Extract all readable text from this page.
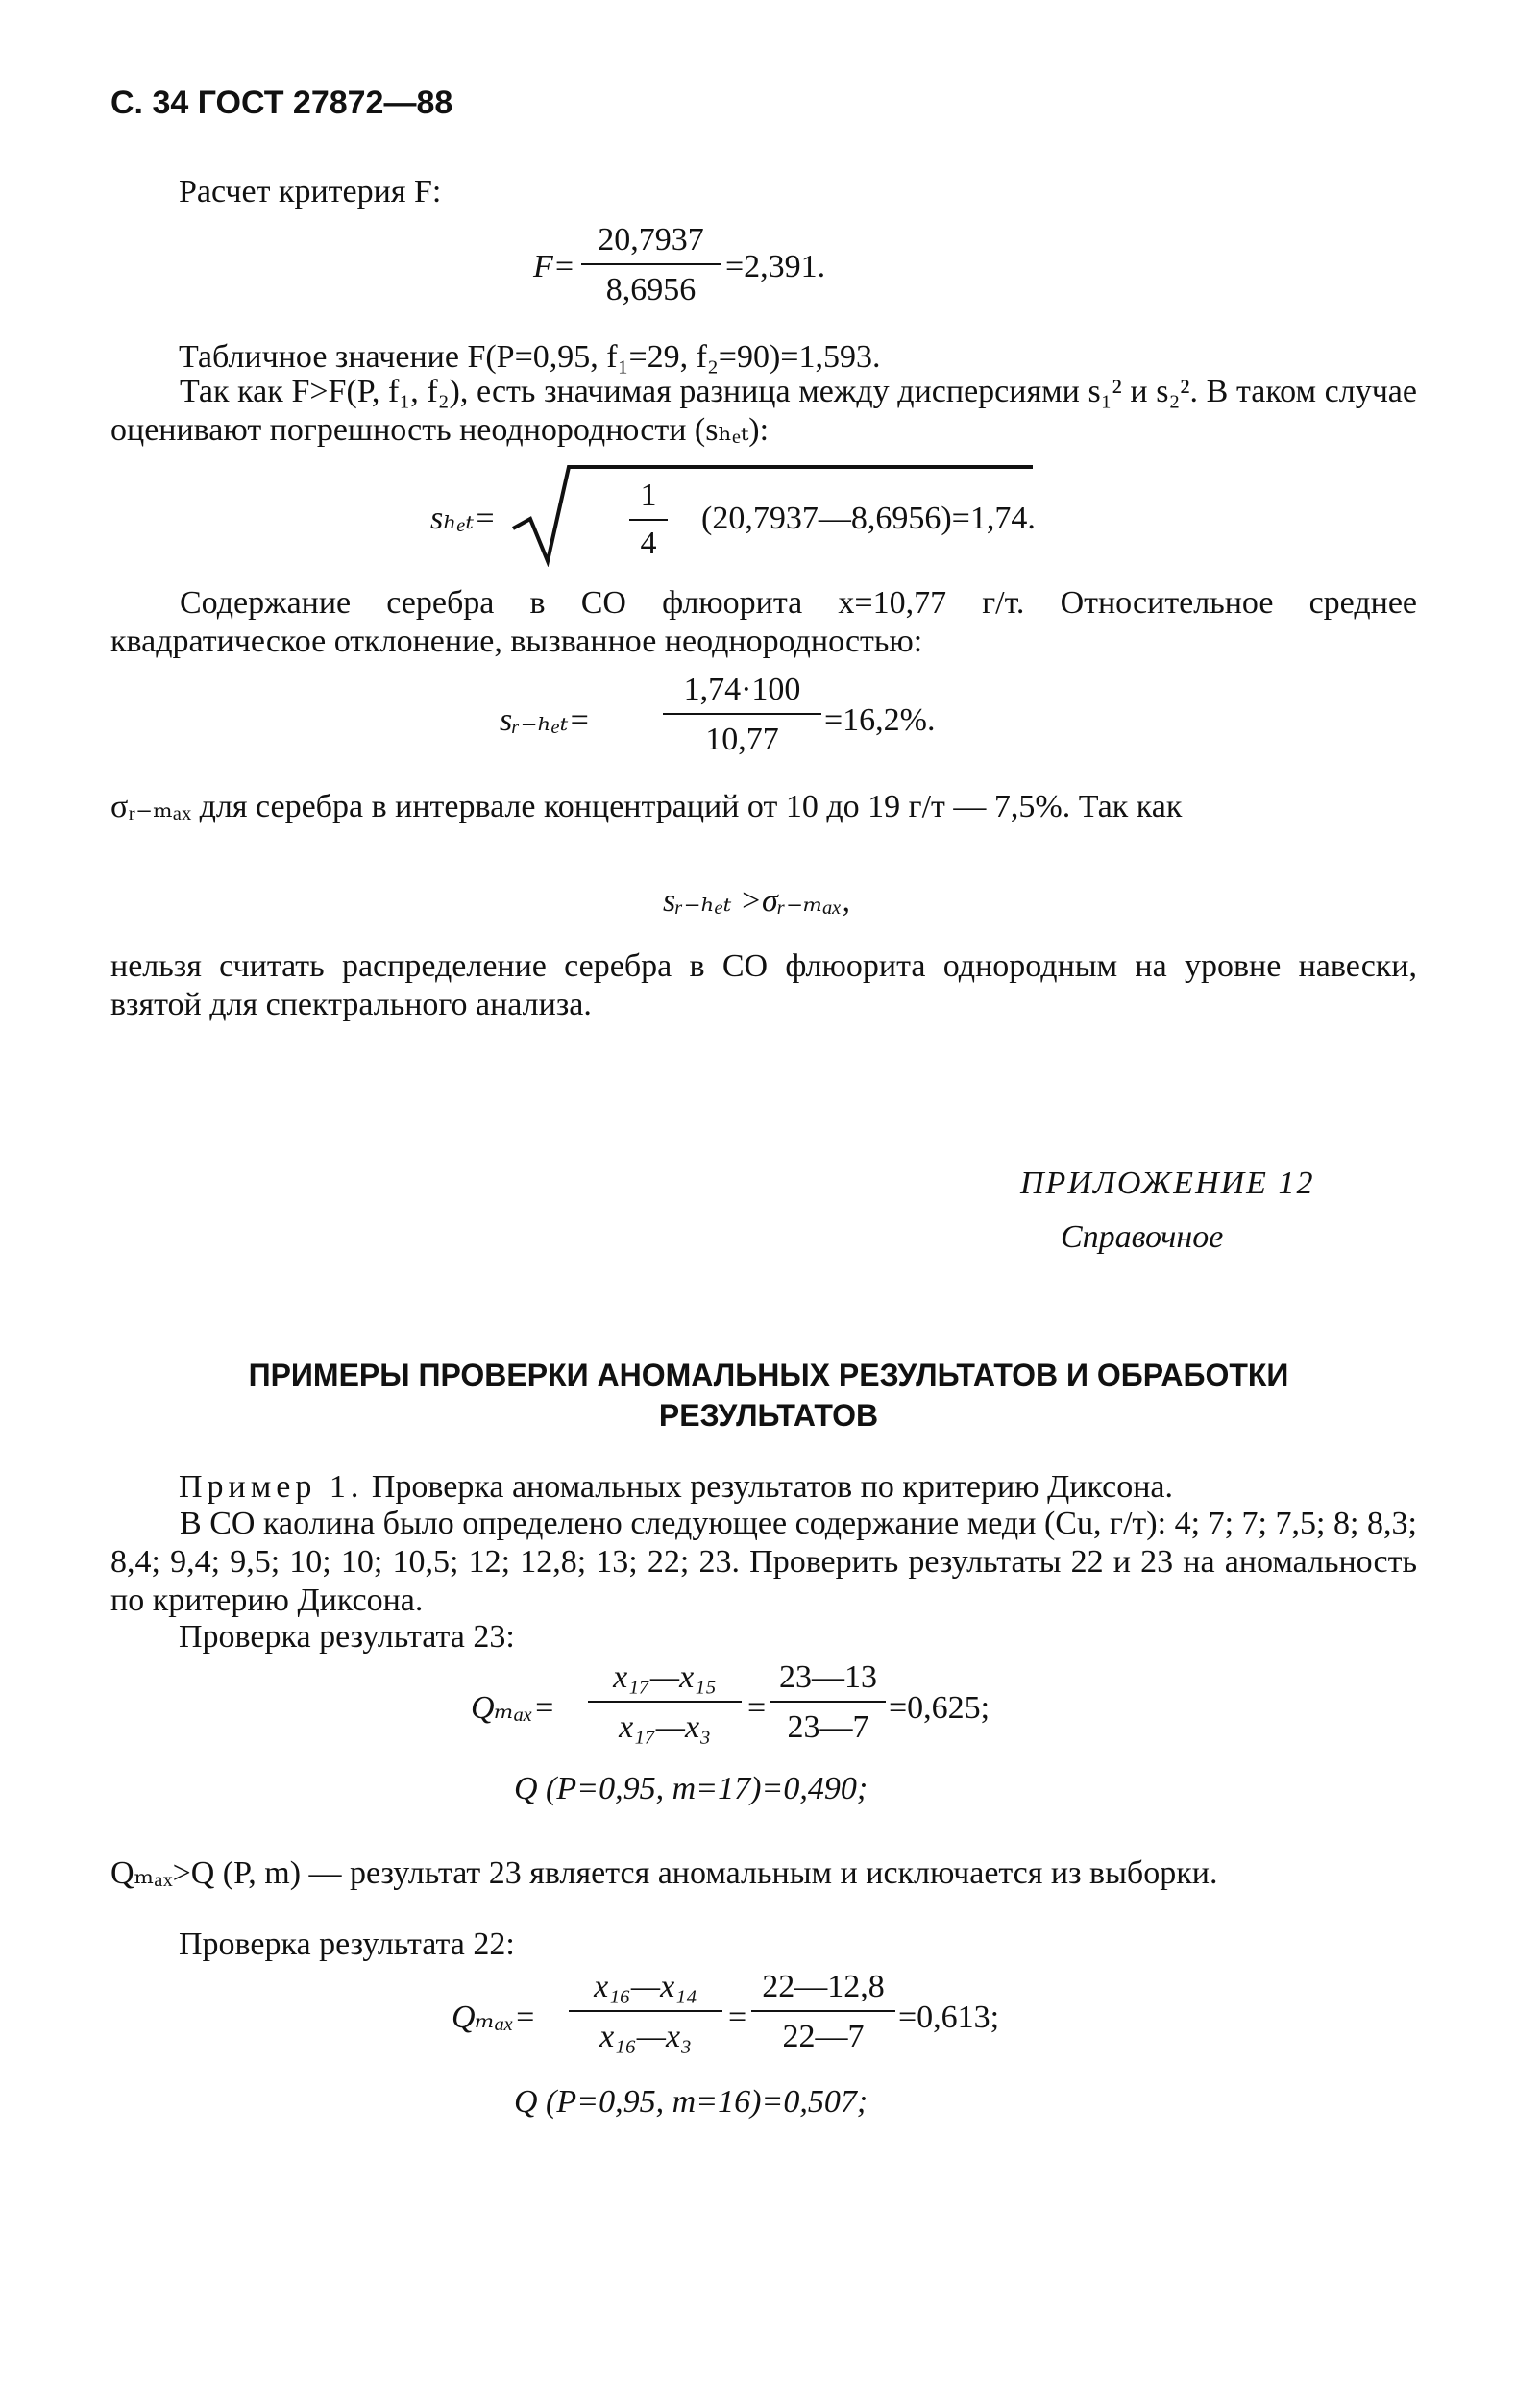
С. 34 ГОСТ 27872—88
Расчет критерия F:
F=
20,7937
8,6956
=2,391.
Табличное значение F(P=0,95, f₁=29, f₂=90)=1,593.
Так как F>F(P, f₁, f₂), есть значимая разница между дисперсиями s₁² и s₂². В таком случае оценивают погрешность неоднородности (sₕₑₜ):
sₕₑₜ=
1
4
(20,7937—8,6956)=1,74.
Содержание серебра в СО флюорита x=10,77 г/т. Относительное среднее квадратическое отклонение, вызванное неоднородностью:
sᵣ₋ₕₑₜ=
1,74·100
10,77
=16,2%.
σᵣ₋ₘₐₓ для серебра в интервале концентраций от 10 до 19 г/т — 7,5%. Так как
sᵣ₋ₕₑₜ >σᵣ₋ₘₐₓ,
нельзя считать распределение серебра в СО флюорита однородным на уровне навески, взятой для спектрального анализа.
ПРИЛОЖЕНИЕ 12
Справочное
ПРИМЕРЫ ПРОВЕРКИ АНОМАЛЬНЫХ РЕЗУЛЬТАТОВ И ОБРАБОТКИ
РЕЗУЛЬТАТОВ
Пример 1. Проверка аномальных результатов по критерию Диксона.
В СО каолина было определено следующее содержание меди (Cu, г/т): 4; 7; 7; 7,5; 8; 8,3; 8,4; 9,4; 9,5; 10; 10; 10,5; 12; 12,8; 13; 22; 23. Проверить результаты 22 и 23 на аномальность по критерию Диксона.
Проверка результата 23:
Qₘₐₓ=
x₁₇—x₁₅
x₁₇—x₃
=
23—13
23—7
=0,625;
Q (P=0,95, m=17)=0,490;
Qₘₐₓ>Q (P, m) — результат 23 является аномальным и исключается из выборки.
Проверка результата 22:
Qₘₐₓ=
x₁₆—x₁₄
x₁₆—x₃
=
22—12,8
22—7
=0,613;
Q (P=0,95, m=16)=0,507;
